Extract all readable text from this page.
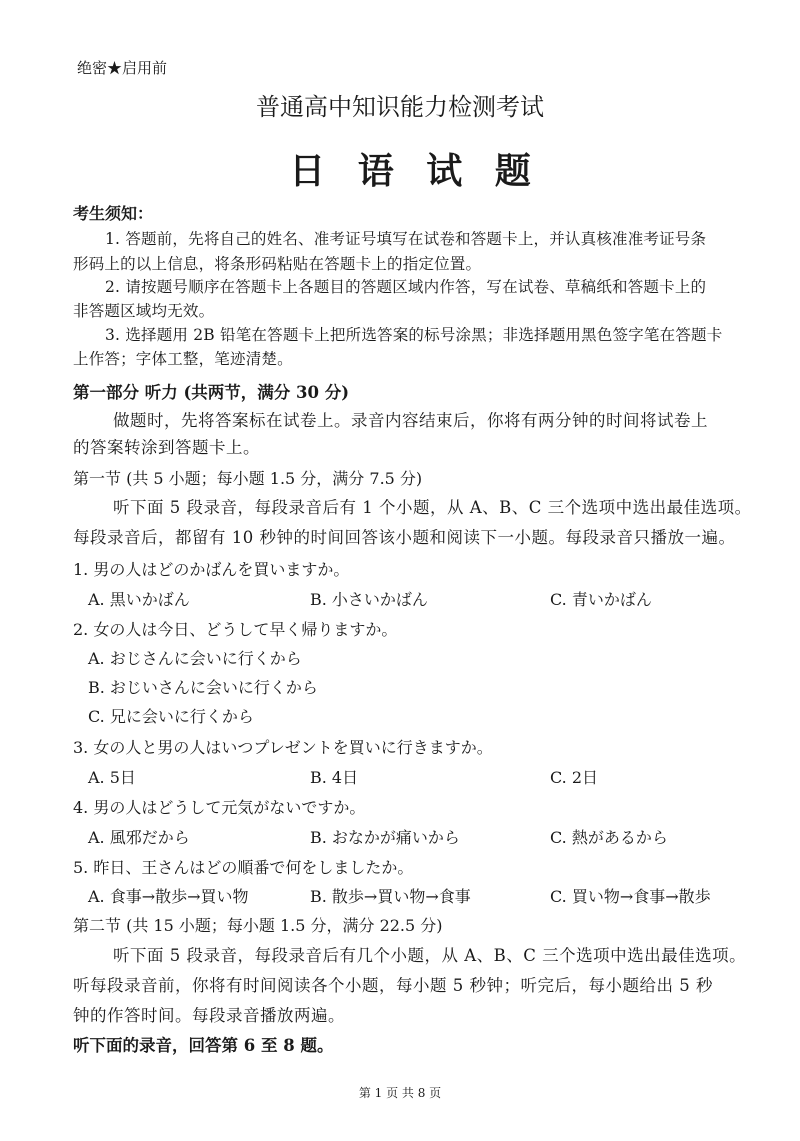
绝密★启用前

普通高中知识能力检测考试

日 语 试 题

考生须知：

1. 答题前，先将自己的姓名、准考证号填写在试卷和答题卡上，并认真核准准考证号条

形码上的以上信息，将条形码粘贴在答题卡上的指定位置。

2. 请按题号顺序在答题卡上各题目的答题区域内作答，写在试卷、草稿纸和答题卡上的

非答题区域均无效。

3. 选择题用 2B 铅笔在答题卡上把所选答案的标号涂黑；非选择题用黑色签字笔在答题卡

上作答；字体工整，笔迹清楚。

第一部分 听力 (共两节，满分 30 分)

做题时，先将答案标在试卷上。录音内容结束后，你将有两分钟的时间将试卷上

的答案转涂到答题卡上。

第一节 (共 5 小题；每小题 1.5 分，满分 7.5 分)

听下面 5 段录音，每段录音后有 1 个小题，从 A、B、C 三个选项中选出最佳选项。

每段录音后，都留有 10 秒钟的时间回答该小题和阅读下一小题。每段录音只播放一遍。

1. 男の人はどのかばんを買いますか。

A. 黒いかばん	B. 小さいかばん	C. 青いかばん

2. 女の人は今日、どうして早く帰りますか。

A. おじさんに会いに行くから

B. おじいさんに会いに行くから

C. 兄に会いに行くから

3. 女の人と男の人はいつプレゼントを買いに行きますか。

A. 5日	B. 4日	C. 2日

4. 男の人はどうして元気がないですか。

A. 風邪だから	B. おなかが痛いから	C. 熱があるから

5. 昨日、王さんはどの順番で何をしましたか。

A. 食事→散歩→買い物	B. 散歩→買い物→食事	C. 買い物→食事→散歩

第二节 (共 15 小题；每小题 1.5 分，满分 22.5 分)

听下面 5 段录音，每段录音后有几个小题，从 A、B、C 三个选项中选出最佳选项。

听每段录音前，你将有时间阅读各个小题，每小题 5 秒钟；听完后，每小题给出 5 秒

钟的作答时间。每段录音播放两遍。

听下面的录音，回答第 6 至 8 题。

第 1 页 共 8 页
